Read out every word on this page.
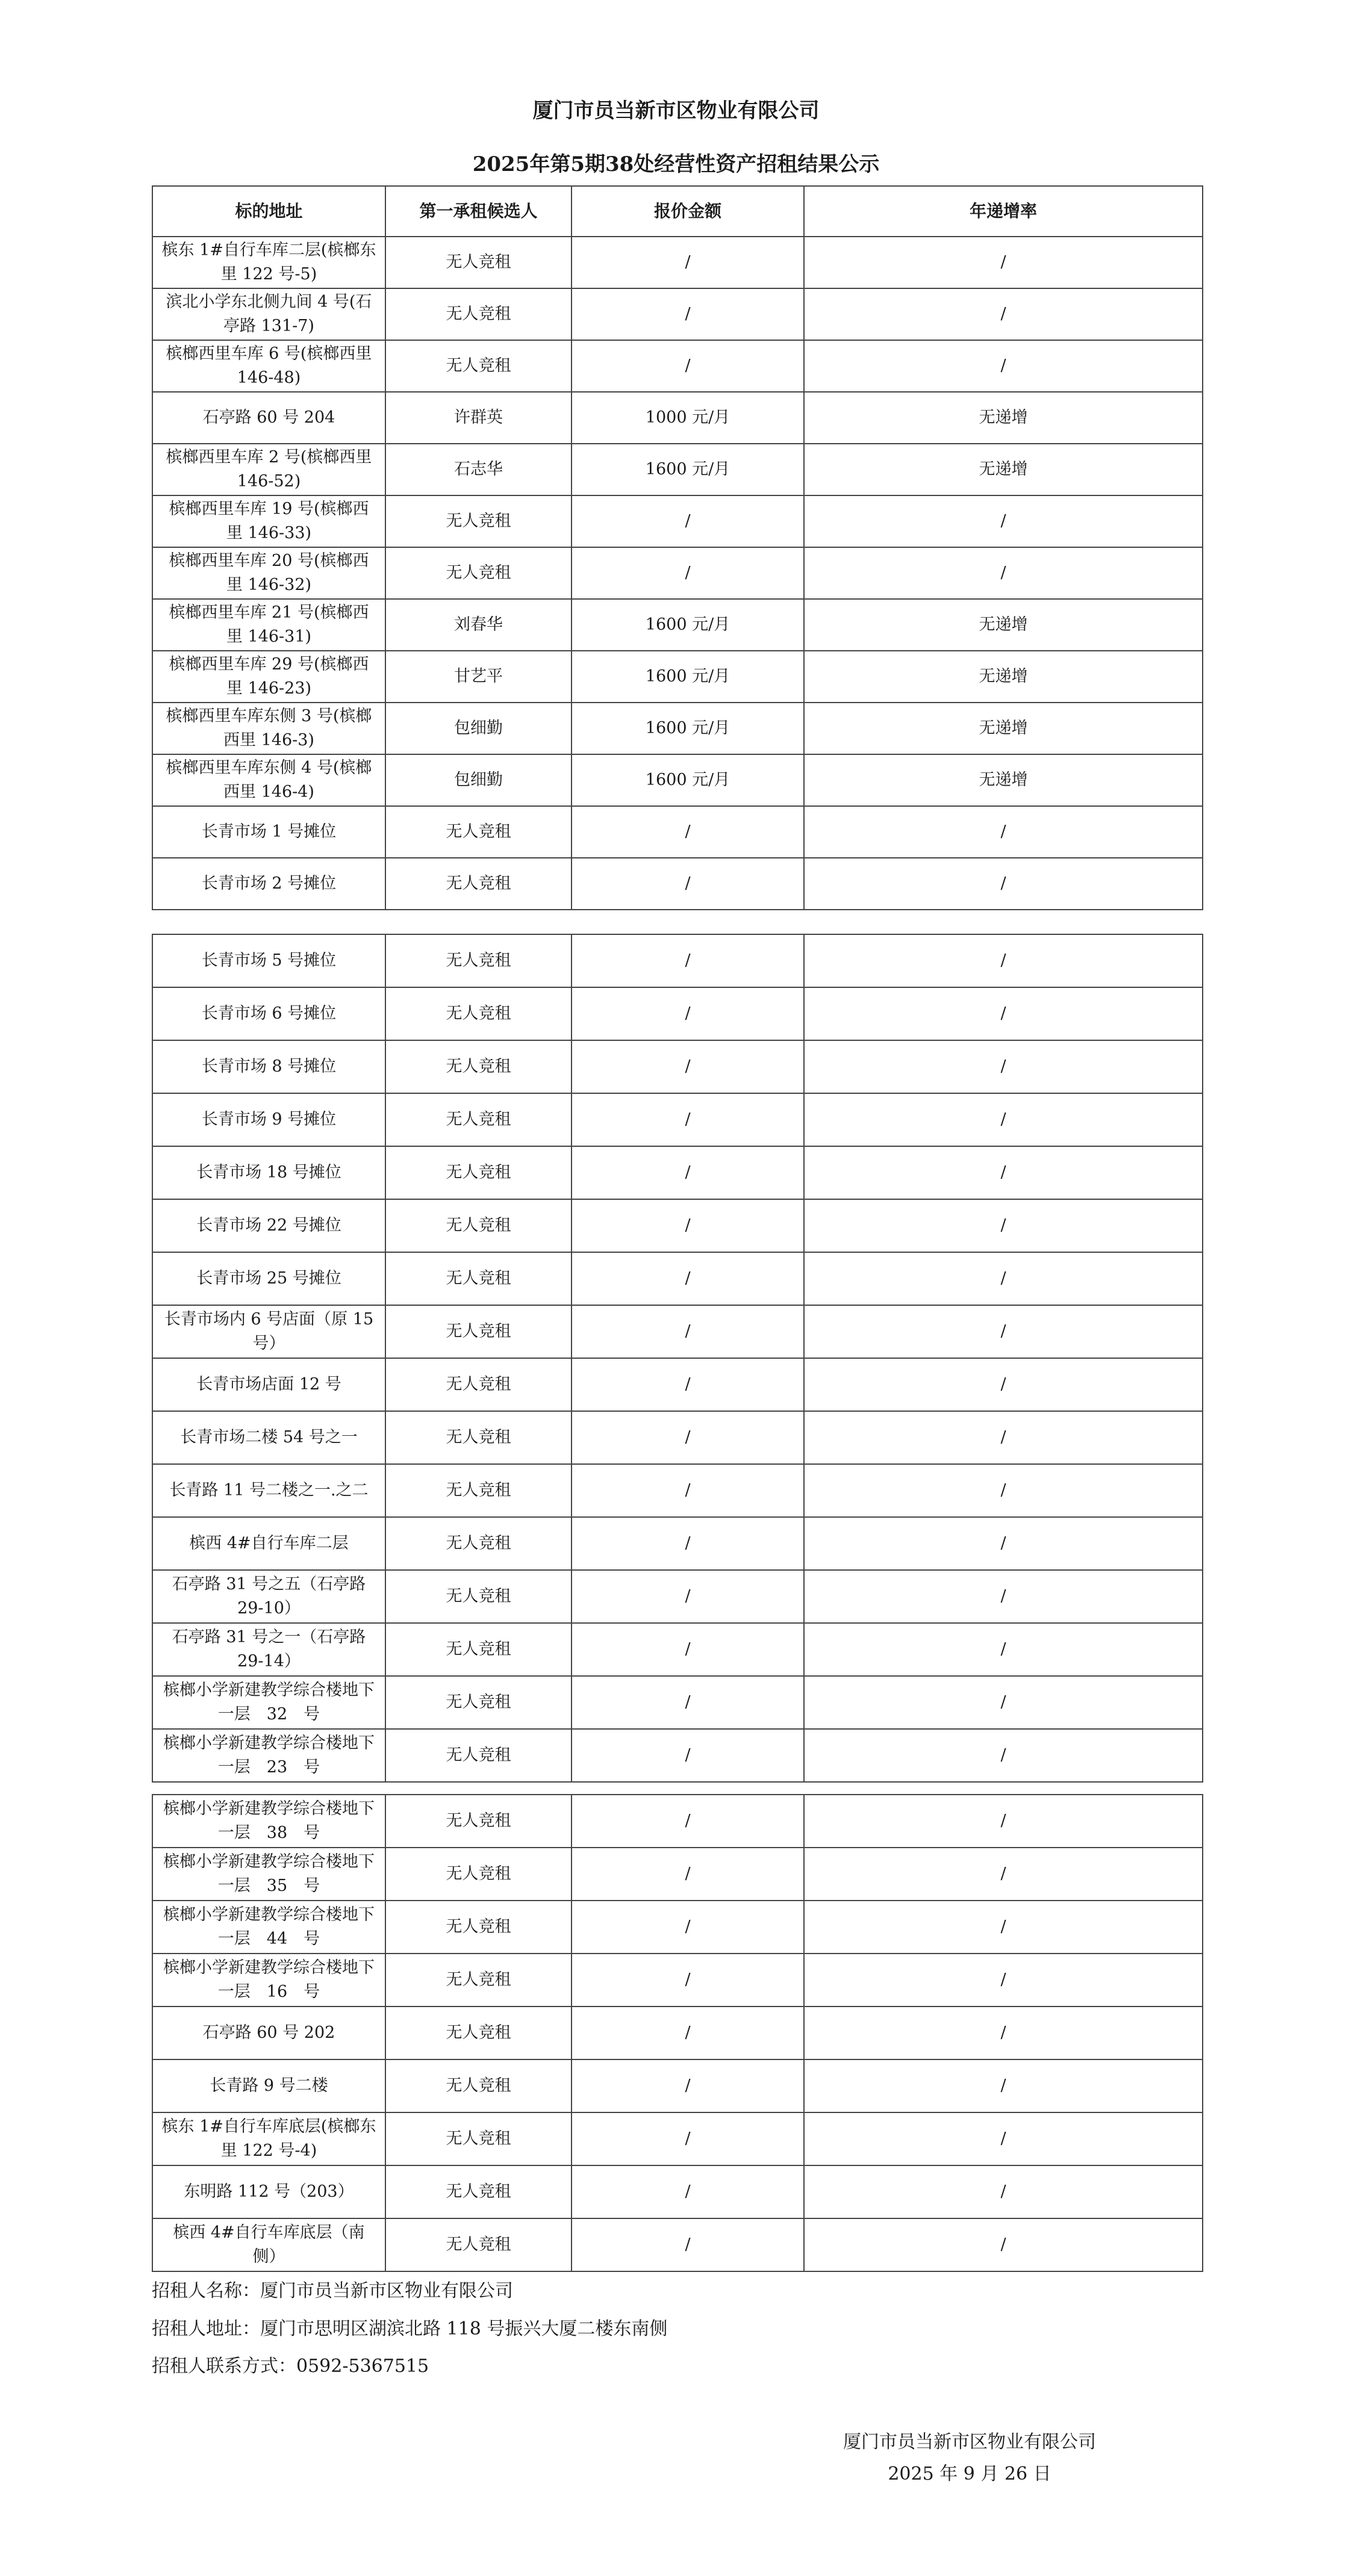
厦门市员当新市区物业有限公司
2025年第5期38处经营性资产招租结果公示
标的地址	第一承租候选人	报价金额	年递增率
槟东 1#自行车库二层(槟榔东里 122 号-5)	无人竞租	/	/
滨北小学东北侧九间 4 号(石亭路 131-7)	无人竞租	/	/
槟榔西里车库 6 号(槟榔西里 146-48)	无人竞租	/	/
石亭路 60 号 204	许群英	1000 元/月	无递增
槟榔西里车库 2 号(槟榔西里 146-52)	石志华	1600 元/月	无递增
槟榔西里车库 19 号(槟榔西里 146-33)	无人竞租	/	/
槟榔西里车库 20 号(槟榔西里 146-32)	无人竞租	/	/
槟榔西里车库 21 号(槟榔西里 146-31)	刘春华	1600 元/月	无递增
槟榔西里车库 29 号(槟榔西里 146-23)	甘艺平	1600 元/月	无递增
槟榔西里车库东侧 3 号(槟榔西里 146-3)	包细勤	1600 元/月	无递增
槟榔西里车库东侧 4 号(槟榔西里 146-4)	包细勤	1600 元/月	无递增
长青市场 1 号摊位	无人竞租	/	/
长青市场 2 号摊位	无人竞租	/	/
长青市场 5 号摊位	无人竞租	/	/
长青市场 6 号摊位	无人竞租	/	/
长青市场 8 号摊位	无人竞租	/	/
长青市场 9 号摊位	无人竞租	/	/
长青市场 18 号摊位	无人竞租	/	/
长青市场 22 号摊位	无人竞租	/	/
长青市场 25 号摊位	无人竞租	/	/
长青市场内 6 号店面（原 15 号）	无人竞租	/	/
长青市场店面 12 号	无人竞租	/	/
长青市场二楼 54 号之一	无人竞租	/	/
长青路 11 号二楼之一.之二	无人竞租	/	/
槟西 4#自行车库二层	无人竞租	/	/
石亭路 31 号之五（石亭路 29-10）	无人竞租	/	/
石亭路 31 号之一（石亭路 29-14）	无人竞租	/	/
槟榔小学新建教学综合楼地下一层　32　号	无人竞租	/	/
槟榔小学新建教学综合楼地下一层　23　号	无人竞租	/	/
槟榔小学新建教学综合楼地下一层　38　号	无人竞租	/	/
槟榔小学新建教学综合楼地下一层　35　号	无人竞租	/	/
槟榔小学新建教学综合楼地下一层　44　号	无人竞租	/	/
槟榔小学新建教学综合楼地下一层　16　号	无人竞租	/	/
石亭路 60 号 202	无人竞租	/	/
长青路 9 号二楼	无人竞租	/	/
槟东 1#自行车库底层(槟榔东里 122 号-4)	无人竞租	/	/
东明路 112 号（203）	无人竞租	/	/
槟西 4#自行车库底层（南侧）	无人竞租	/	/
招租人名称：厦门市员当新市区物业有限公司
招租人地址：厦门市思明区湖滨北路 118 号振兴大厦二楼东南侧
招租人联系方式：0592-5367515
厦门市员当新市区物业有限公司
2025 年 9 月 26 日
